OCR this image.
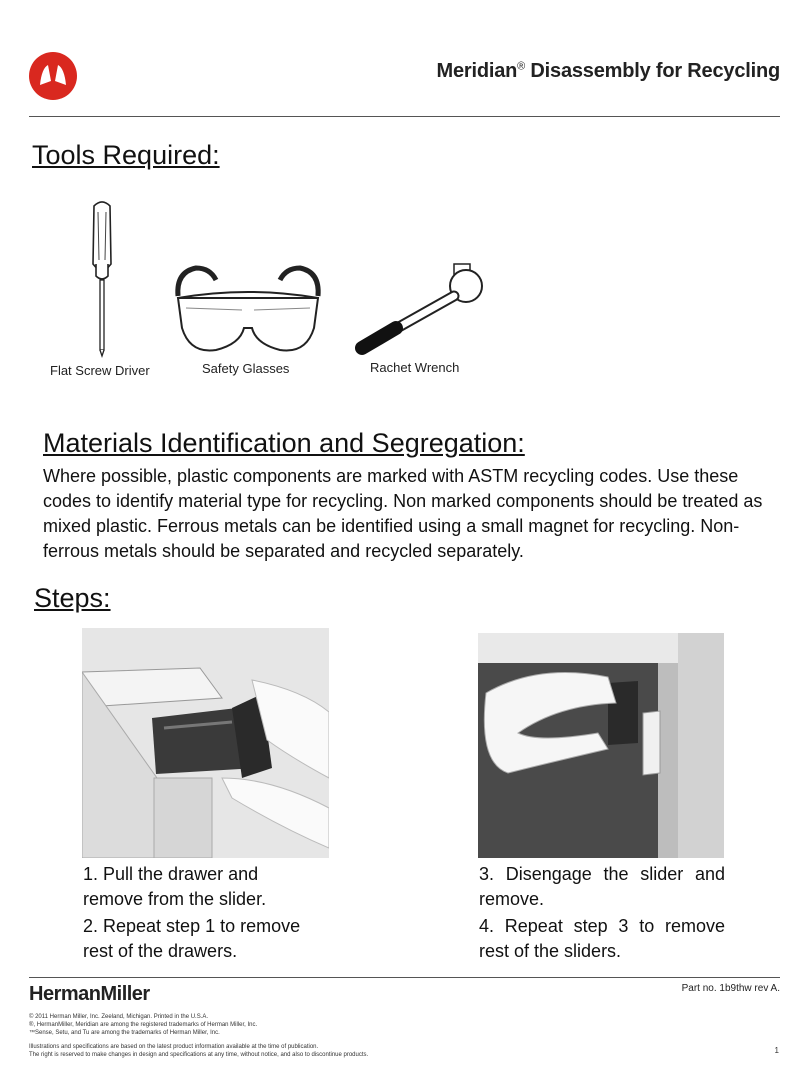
Meridian® Disassembly for Recycling
Tools Required:
Flat Screw Driver	Safety Glasses	Rachet Wrench
Materials Identification and Segregation:
Where possible, plastic components are marked with ASTM recycling codes. Use these codes to identify material type for recycling. Non marked components should be treated as mixed plastic. Ferrous metals can be identified using a small magnet for recycling. Non-ferrous metals should be separated and recycled separately.
Steps:
1. Pull the drawer and remove from the slider.
2. Repeat step 1 to remove rest of the drawers.
3. Disengage the slider and remove.
4. Repeat step 3 to remove rest of the sliders.
HermanMiller	Part no. 1b9thw rev A.
© 2011 Herman Miller, Inc. Zeeland, Michigan. Printed in the U.S.A.
®, HermanMiller, Meridian are among the registered trademarks of Herman Miller, Inc.
™Sense, Setu, and Tu are among the trademarks of Herman Miller, Inc.
Illustrations and specifications are based on the latest product information available at the time of publication.
The right is reserved to make changes in design and specifications at any time, without notice, and also to discontinue products.	1
